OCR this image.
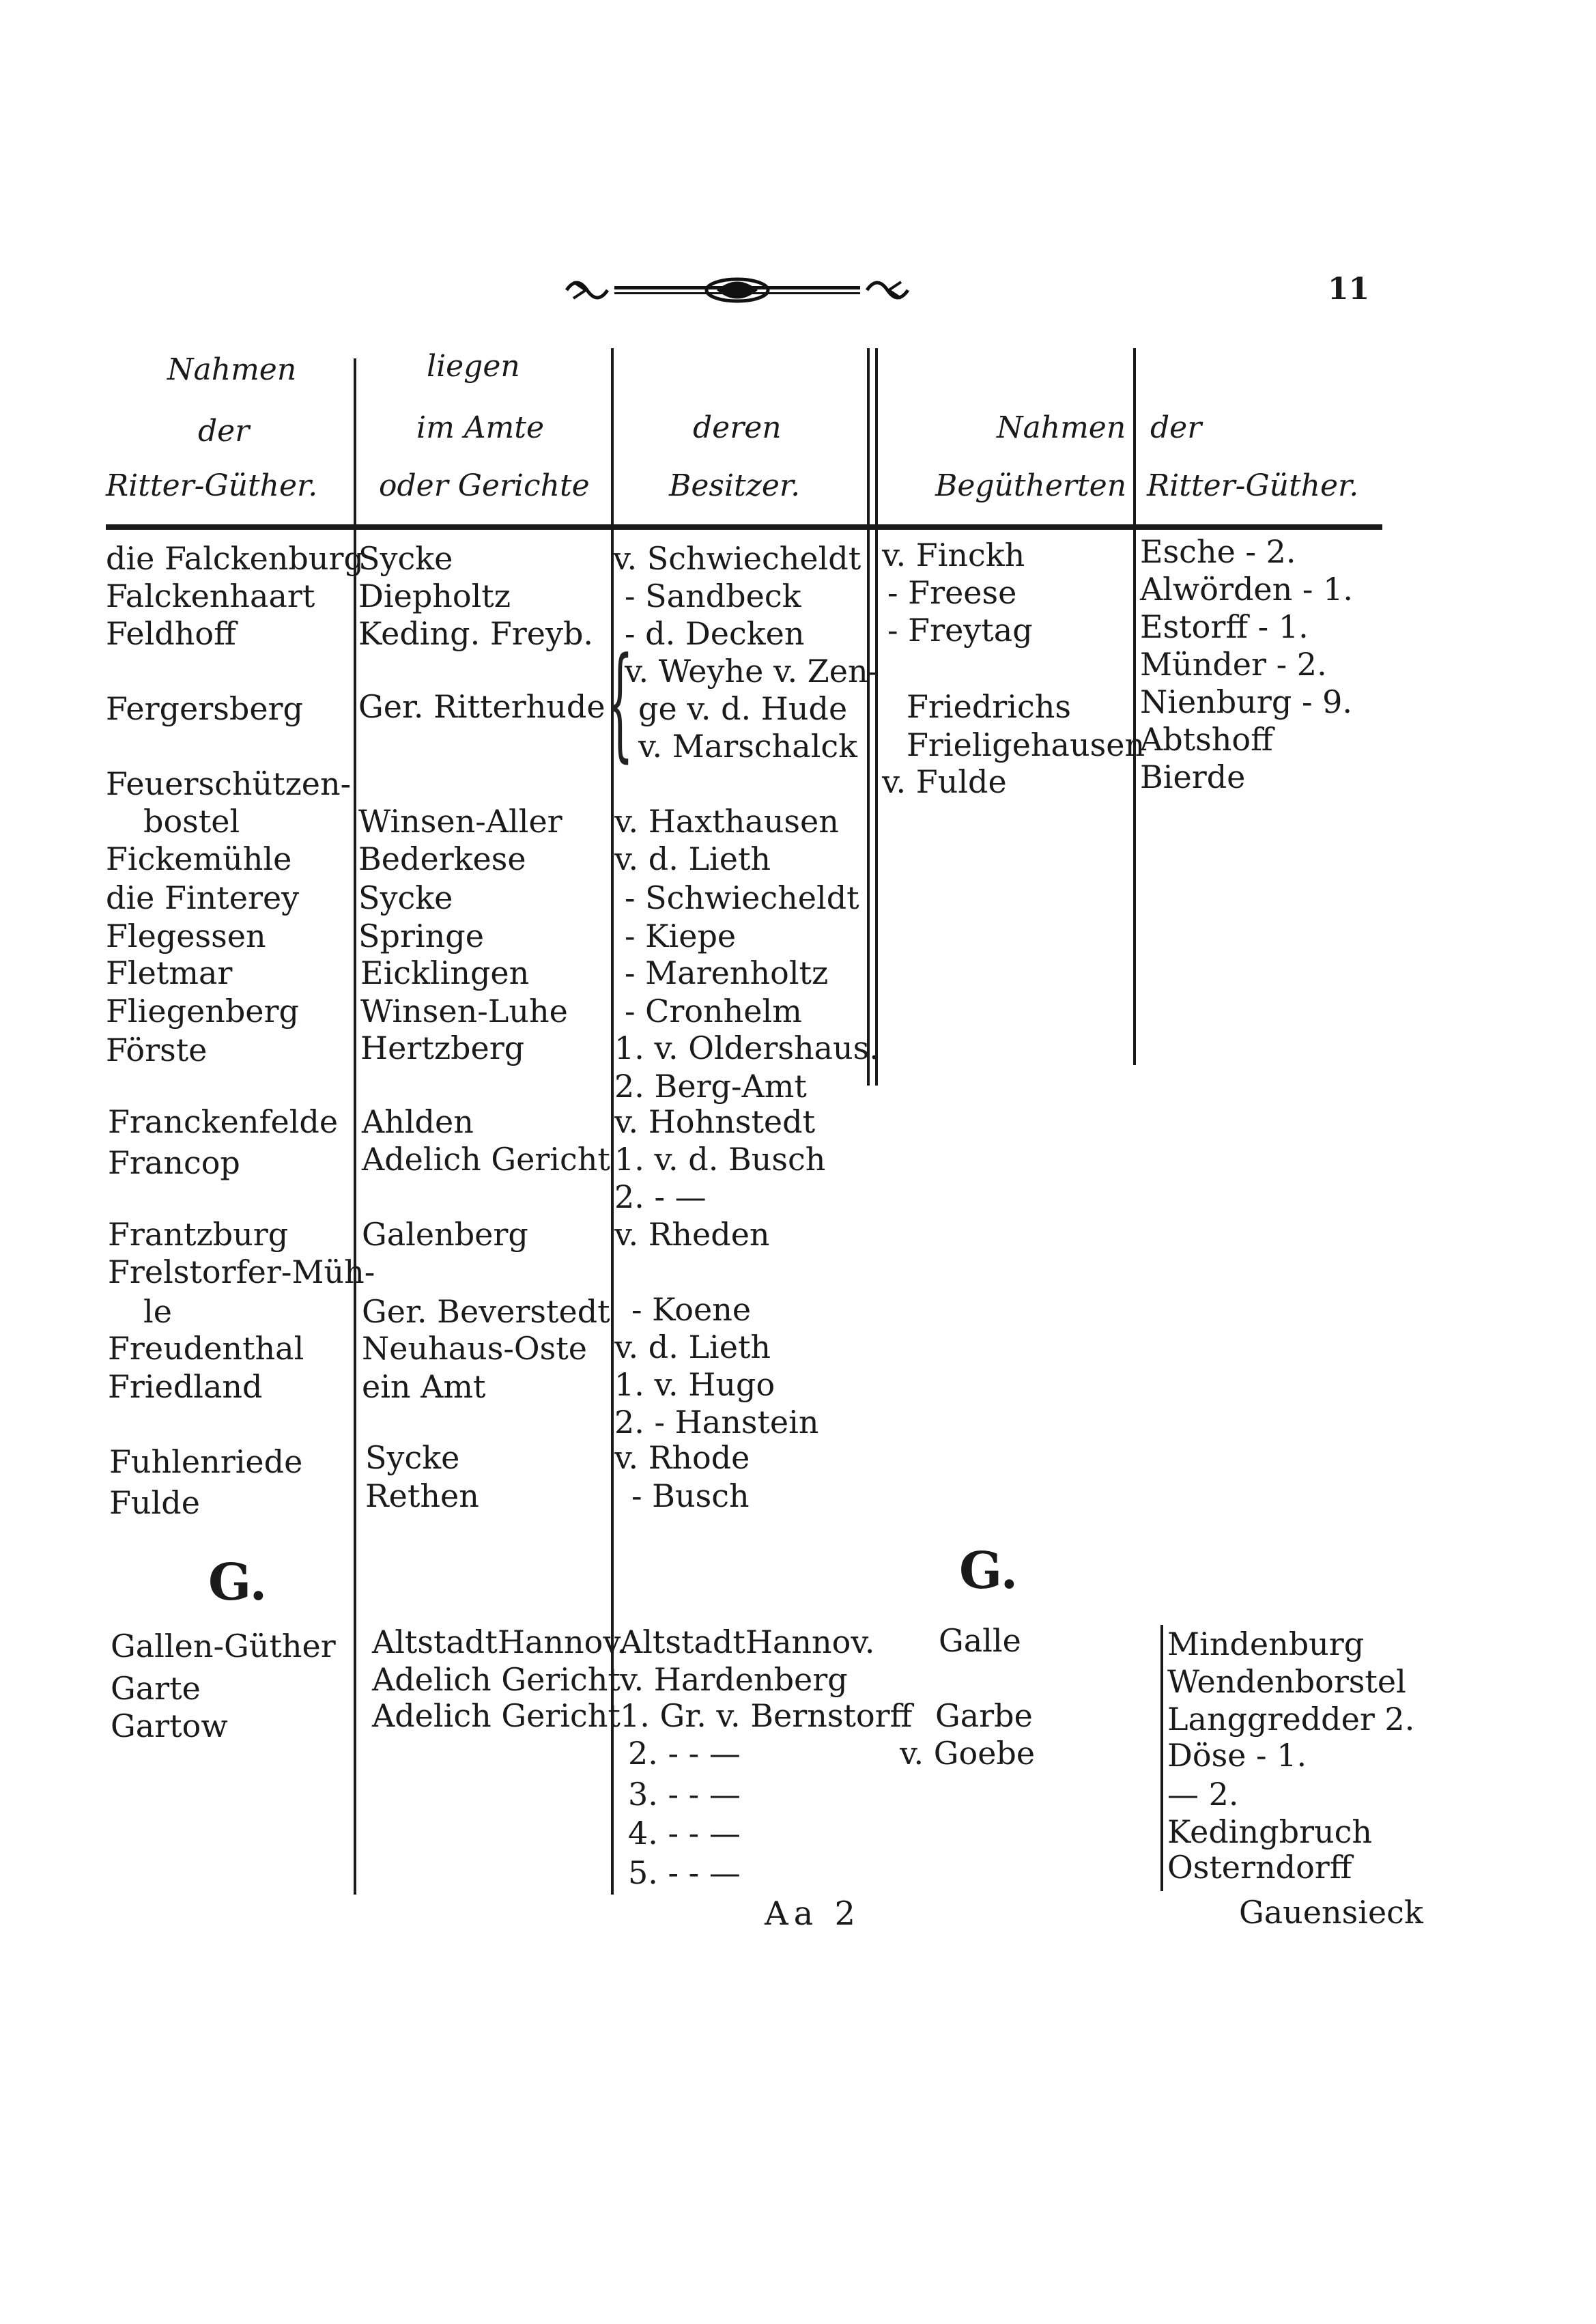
11
Nahmen
der
Ritter-Güther.
liegen
im Amte
oder Gerichte
deren
Besitzer.
Nahmen
Begütherten
der
Ritter-Güther.
die Falckenburg
Falckenhaart
Feldhoff
Fergersberg
Feuerschützen-
bostel
Fickemühle
die Finterey
Flegessen
Fletmar
Fliegenberg
Förste
Franckenfelde
Francop
Frantzburg
Frelstorfer-Müh-
le
Freudenthal
Friedland
Fuhlenriede
Fulde
G.
Gallen-Güther
Garte
Gartow
Sycke
Diepholtz
Keding. Freyb.
Ger. Ritterhude
Winsen-Aller
Bederkese
Sycke
Springe
Eicklingen
Winsen-Luhe
Hertzberg
Ahlden
Adelich Gericht
Galenberg
Ger. Beverstedt
Neuhaus-Oste
ein Amt
Sycke
Rethen
AltstadtHannov.
Adelich Gericht
Adelich Gericht
v. Schwiecheldt
- Sandbeck
- d. Decken
{
v. Weyhe v. Zen-
ge v. d. Hude
v. Marschalck
v. Haxthausen
v. d. Lieth
- Schwiecheldt
- Kiepe
- Marenholtz
- Cronhelm
1. v. Oldershaus.
2. Berg-Amt
v. Hohnstedt
1. v. d. Busch
2. - —
v. Rheden
- Koene
v. d. Lieth
1. v. Hugo
2. - Hanstein
v. Rhode
- Busch
AltstadtHannov.
v. Hardenberg
1. Gr. v. Bernstorff
2. - - —
3. - - —
4. - - —
5. - - —
v. Finckh
- Freese
- Freytag
Friedrichs
Frieligehausen
v. Fulde
G.
Galle
Garbe
v. Goebe
Esche - 2.
Alwörden - 1.
Estorff - 1.
Münder - 2.
Nienburg - 9.
Abtshoff
Bierde
Mindenburg
Wendenborstel
Langgredder 2.
Döse - 1.
— 2.
Kedingbruch
Osterndorff
Aa 2	Gauensieck
